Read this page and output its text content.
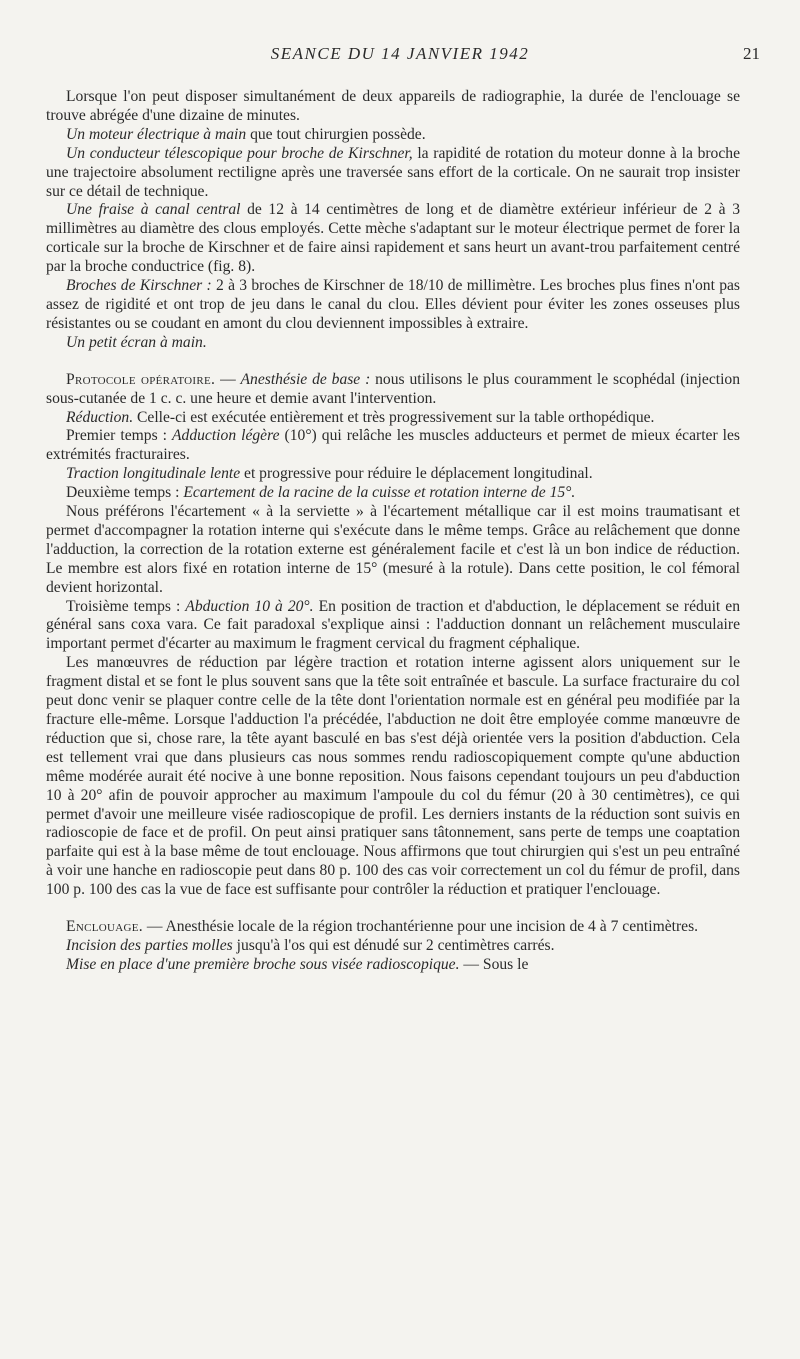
SEANCE DU 14 JANVIER 1942	21

Lorsque l'on peut disposer simultanément de deux appareils de radiographie, la durée de l'enclouage se trouve abrégée d'une dizaine de minutes.

Un moteur électrique à main que tout chirurgien possède.

Un conducteur télescopique pour broche de Kirschner, la rapidité de rotation du moteur donne à la broche une trajectoire absolument rectiligne après une traversée sans effort de la corticale. On ne saurait trop insister sur ce détail de technique.

Une fraise à canal central de 12 à 14 centimètres de long et de diamètre extérieur inférieur de 2 à 3 millimètres au diamètre des clous employés. Cette mèche s'adaptant sur le moteur électrique permet de forer la corticale sur la broche de Kirschner et de faire ainsi rapidement et sans heurt un avant-trou parfaitement centré par la broche conductrice (fig. 8).

Broches de Kirschner : 2 à 3 broches de Kirschner de 18/10 de millimètre. Les broches plus fines n'ont pas assez de rigidité et ont trop de jeu dans le canal du clou. Elles dévient pour éviter les zones osseuses plus résistantes ou se coudant en amont du clou deviennent impossibles à extraire.

Un petit écran à main.

Protocole opératoire. — Anesthésie de base : nous utilisons le plus couramment le scophédal (injection sous-cutanée de 1 c. c. une heure et demie avant l'intervention.

Réduction. Celle-ci est exécutée entièrement et très progressivement sur la table orthopédique.

Premier temps : Adduction légère (10°) qui relâche les muscles adducteurs et permet de mieux écarter les extrémités fracturaires.

Traction longitudinale lente et progressive pour réduire le déplacement longitudinal.

Deuxième temps : Ecartement de la racine de la cuisse et rotation interne de 15°.

Nous préférons l'écartement « à la serviette » à l'écartement métallique car il est moins traumatisant et permet d'accompagner la rotation interne qui s'exécute dans le même temps. Grâce au relâchement que donne l'adduction, la correction de la rotation externe est généralement facile et c'est là un bon indice de réduction. Le membre est alors fixé en rotation interne de 15° (mesuré à la rotule). Dans cette position, le col fémoral devient horizontal.

Troisième temps : Abduction 10 à 20°. En position de traction et d'abduction, le déplacement se réduit en général sans coxa vara. Ce fait paradoxal s'explique ainsi : l'adduction donnant un relâchement musculaire important permet d'écarter au maximum le fragment cervical du fragment céphalique.

Les manœuvres de réduction par légère traction et rotation interne agissent alors uniquement sur le fragment distal et se font le plus souvent sans que la tête soit entraînée et bascule. La surface fracturaire du col peut donc venir se plaquer contre celle de la tête dont l'orientation normale est en général peu modifiée par la fracture elle-même. Lorsque l'adduction l'a précédée, l'abduction ne doit être employée comme manœuvre de réduction que si, chose rare, la tête ayant basculé en bas s'est déjà orientée vers la position d'abduction. Cela est tellement vrai que dans plusieurs cas nous sommes rendu radioscopiquement compte qu'une abduction même modérée aurait été nocive à une bonne reposition. Nous faisons cependant toujours un peu d'abduction 10 à 20° afin de pouvoir approcher au maximum l'ampoule du col du fémur (20 à 30 centimètres), ce qui permet d'avoir une meilleure visée radioscopique de profil. Les derniers instants de la réduction sont suivis en radioscopie de face et de profil. On peut ainsi pratiquer sans tâtonnement, sans perte de temps une coaptation parfaite qui est à la base même de tout enclouage. Nous affirmons que tout chirurgien qui s'est un peu entraîné à voir une hanche en radioscopie peut dans 80 p. 100 des cas voir correctement un col du fémur de profil, dans 100 p. 100 des cas la vue de face est suffisante pour contrôler la réduction et pratiquer l'enclouage.

Enclouage. — Anesthésie locale de la région trochantérienne pour une incision de 4 à 7 centimètres.

Incision des parties molles jusqu'à l'os qui est dénudé sur 2 centimètres carrés.

Mise en place d'une première broche sous visée radioscopique. — Sous le
